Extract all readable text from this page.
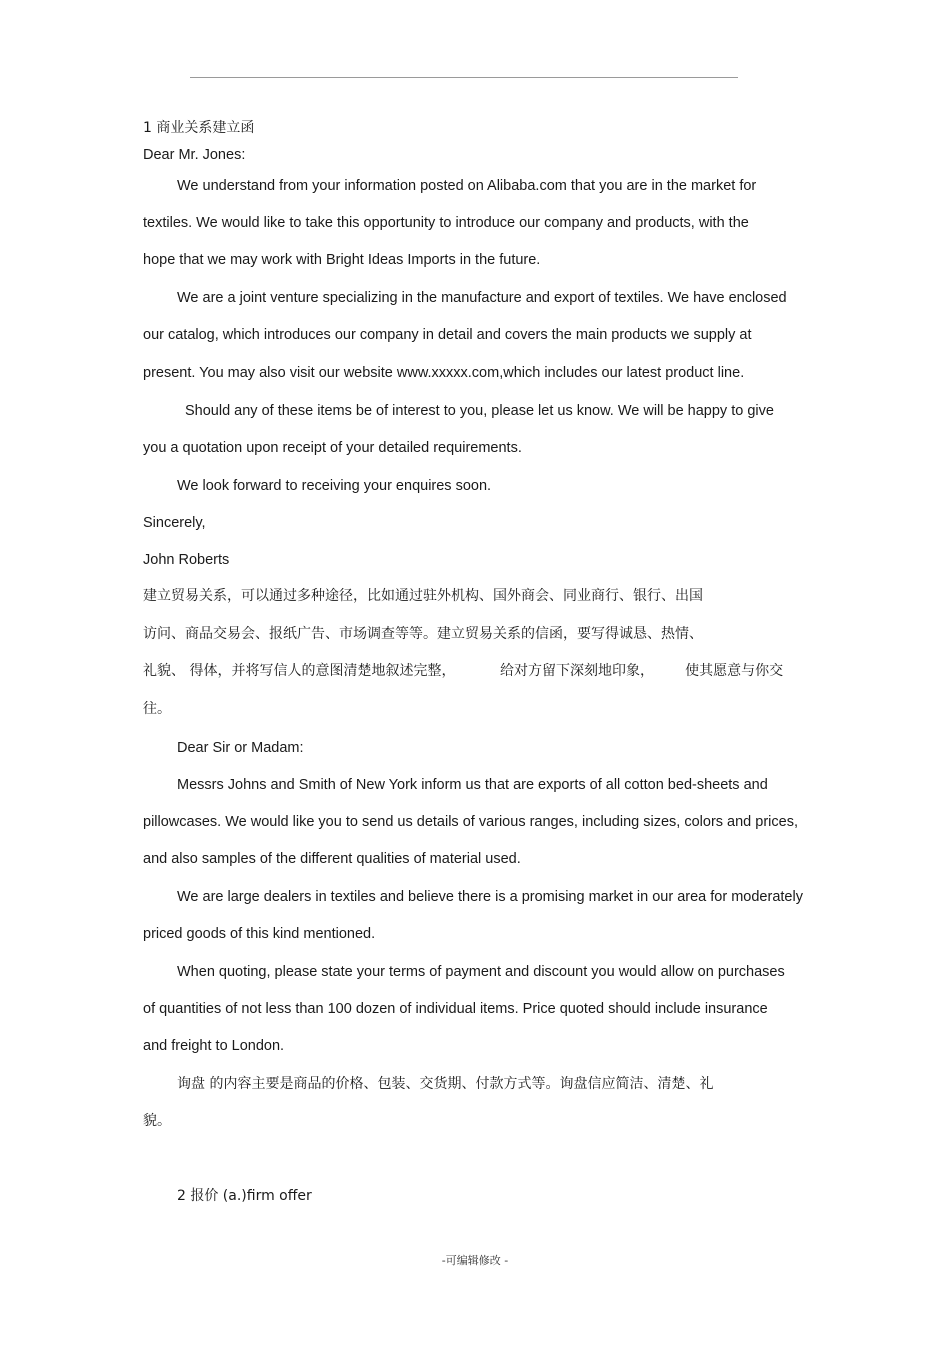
1 商业关系建立函
Dear Mr. Jones:
We understand from your information posted on Alibaba.com that you are in the market for
textiles. We would like to take this opportunity to introduce our company and products, with the
hope that we may work with Bright Ideas Imports in the future.
We are a joint venture specializing in the manufacture and export of textiles. We have enclosed
our catalog, which introduces our company in detail and covers the main products we supply at
present. You may also visit our website www.xxxxx.com,which includes our latest product line.
Should any of these items be of interest to you, please let us know. We will be happy to give
you a quotation upon receipt of your detailed requirements.
We look forward to receiving your enquires soon.
Sincerely,
John Roberts
建立贸易关系，可以通过多种途径，比如通过驻外机构、国外商会、同业商行、银行、出国
访问、商品交易会、报纸广告、市场调查等等。建立贸易关系的信函，要写得诚恳、热情、
礼貌、 得体，并将写信人的意图清楚地叙述完整，          给对方留下深刻地印象，       使其愿意与你交
往。
Dear Sir or Madam:
Messrs Johns and Smith of New York inform us that are exports of all cotton bed-sheets and
pillowcases. We would like you to send us details of various ranges, including sizes, colors and prices,
and also samples of the different qualities of material used.
We are large dealers in textiles and believe there is a promising market in our area for moderately
priced goods of this kind mentioned.
When quoting, please state your terms of payment and discount you would allow on purchases
of quantities of not less than 100 dozen of individual items. Price quoted should include insurance
and freight to London.
询盘 的内容主要是商品的价格、包装、交货期、付款方式等。询盘信应简洁、清楚、礼
貌。
2 报价 (a.)firm offer
-可编辑修改 -
